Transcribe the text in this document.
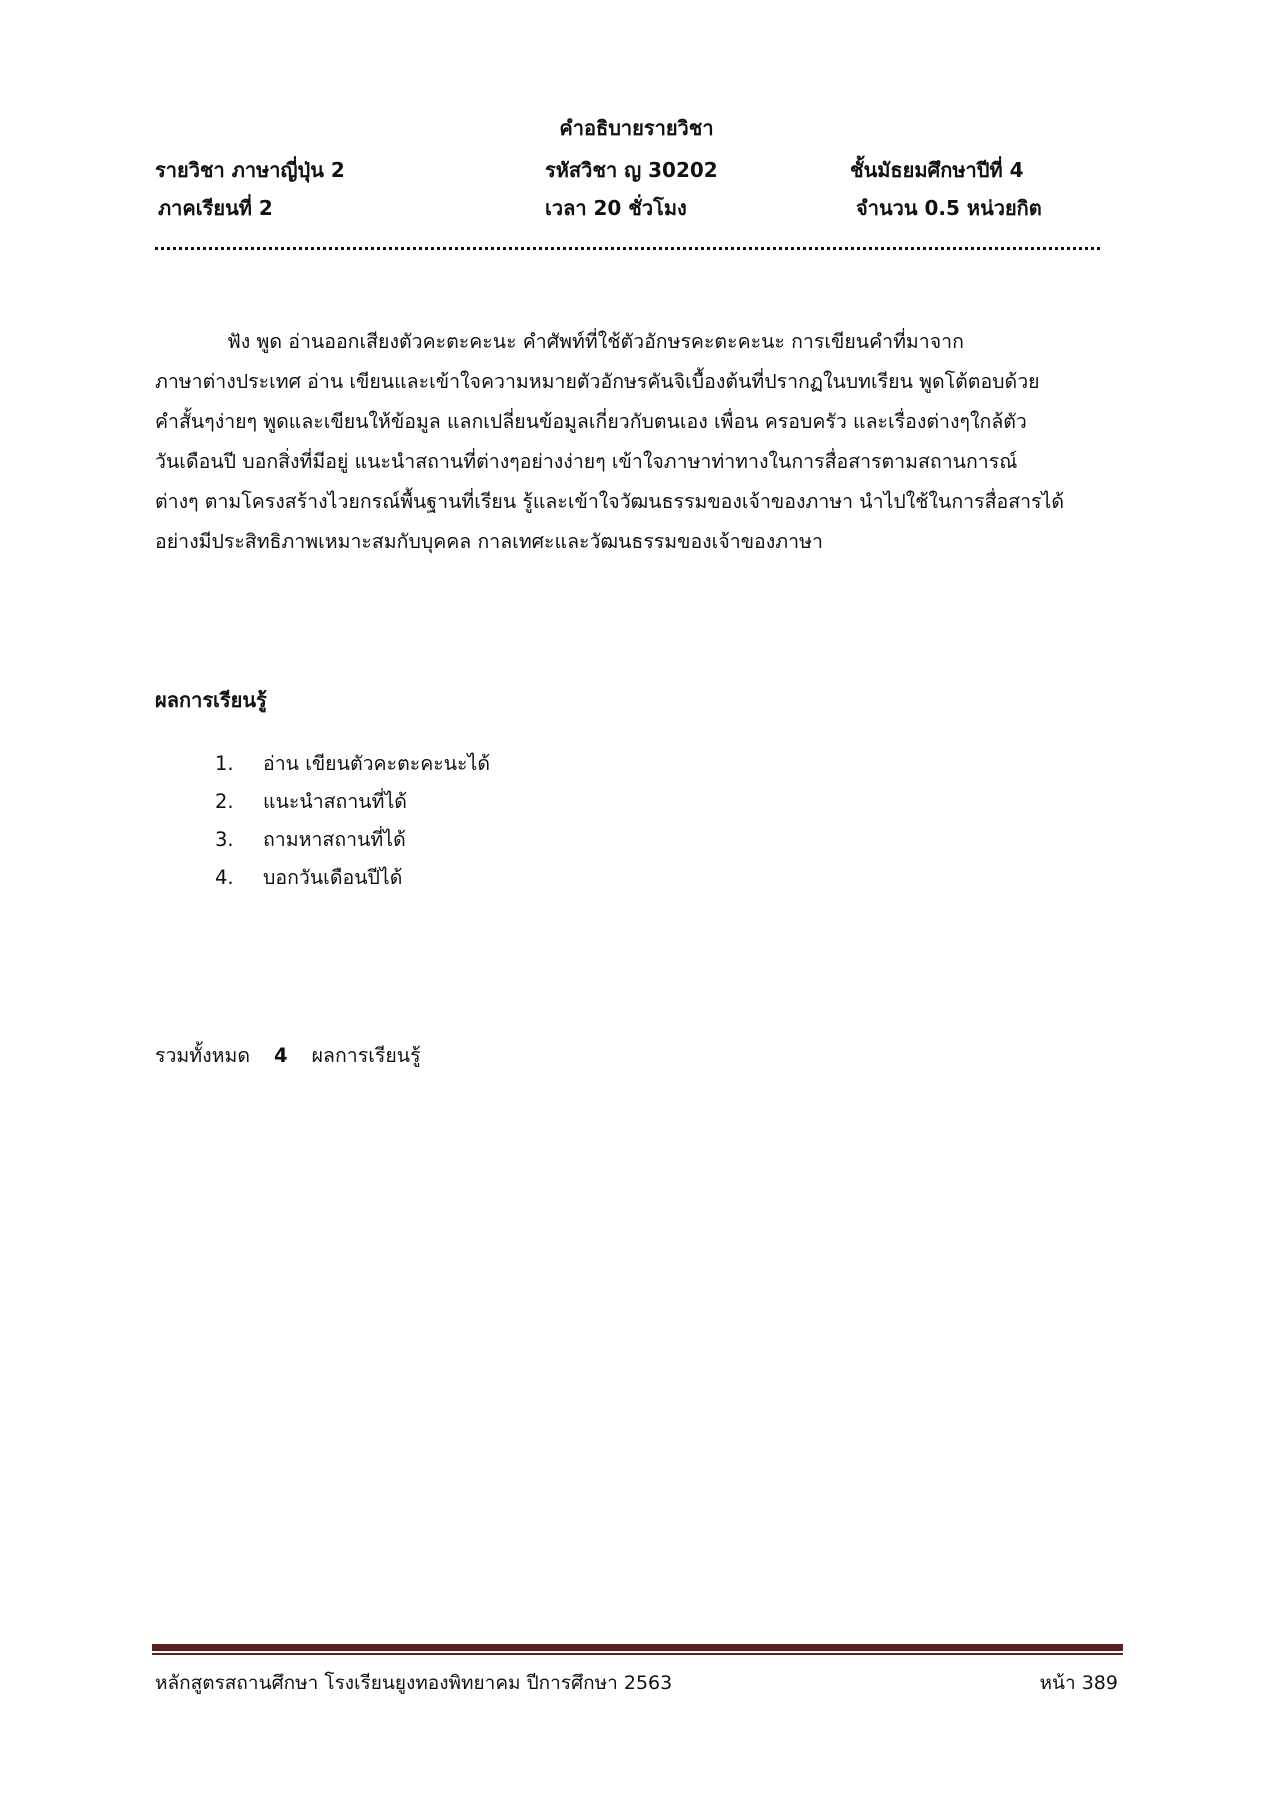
คำอธิบายรายวิชา
รายวิชา ภาษาญี่ปุ่น 2	รหัสวิชา ญ 30202	ชั้นมัธยมศึกษาปีที่ 4
ภาคเรียนที่ 2	เวลา 20 ชั่วโมง	จำนวน 0.5 หน่วยกิต

ฟัง พูด อ่านออกเสียงตัวคะตะคะนะ คำศัพท์ที่ใช้ตัวอักษรคะตะคะนะ การเขียนคำที่มาจาก

ภาษาต่างประเทศ อ่าน เขียนและเข้าใจความหมายตัวอักษรคันจิเบื้องต้นที่ปรากฏในบทเรียน พูดโต้ตอบด้วย

คำสั้นๆง่ายๆ พูดและเขียนให้ข้อมูล แลกเปลี่ยนข้อมูลเกี่ยวกับตนเอง เพื่อน ครอบครัว และเรื่องต่างๆใกล้ตัว

วันเดือนปี บอกสิ่งที่มีอยู่ แนะนำสถานที่ต่างๆอย่างง่ายๆ เข้าใจภาษาท่าทางในการสื่อสารตามสถานการณ์

ต่างๆ ตามโครงสร้างไวยกรณ์พื้นฐานที่เรียน รู้และเข้าใจวัฒนธรรมของเจ้าของภาษา นำไปใช้ในการสื่อสารได้

อย่างมีประสิทธิภาพเหมาะสมกับบุคคล กาลเทศะและวัฒนธรรมของเจ้าของภาษา

ผลการเรียนรู้
1.	อ่าน เขียนตัวคะตะคะนะได้
2.	แนะนำสถานที่ได้
3.	ถามหาสถานที่ได้
4.	บอกวันเดือนปีได้
รวมทั้งหมด 4 ผลการเรียนรู้
หลักสูตรสถานศึกษา โรงเรียนยูงทองพิทยาคม ปีการศึกษา 2563	หน้า 389
